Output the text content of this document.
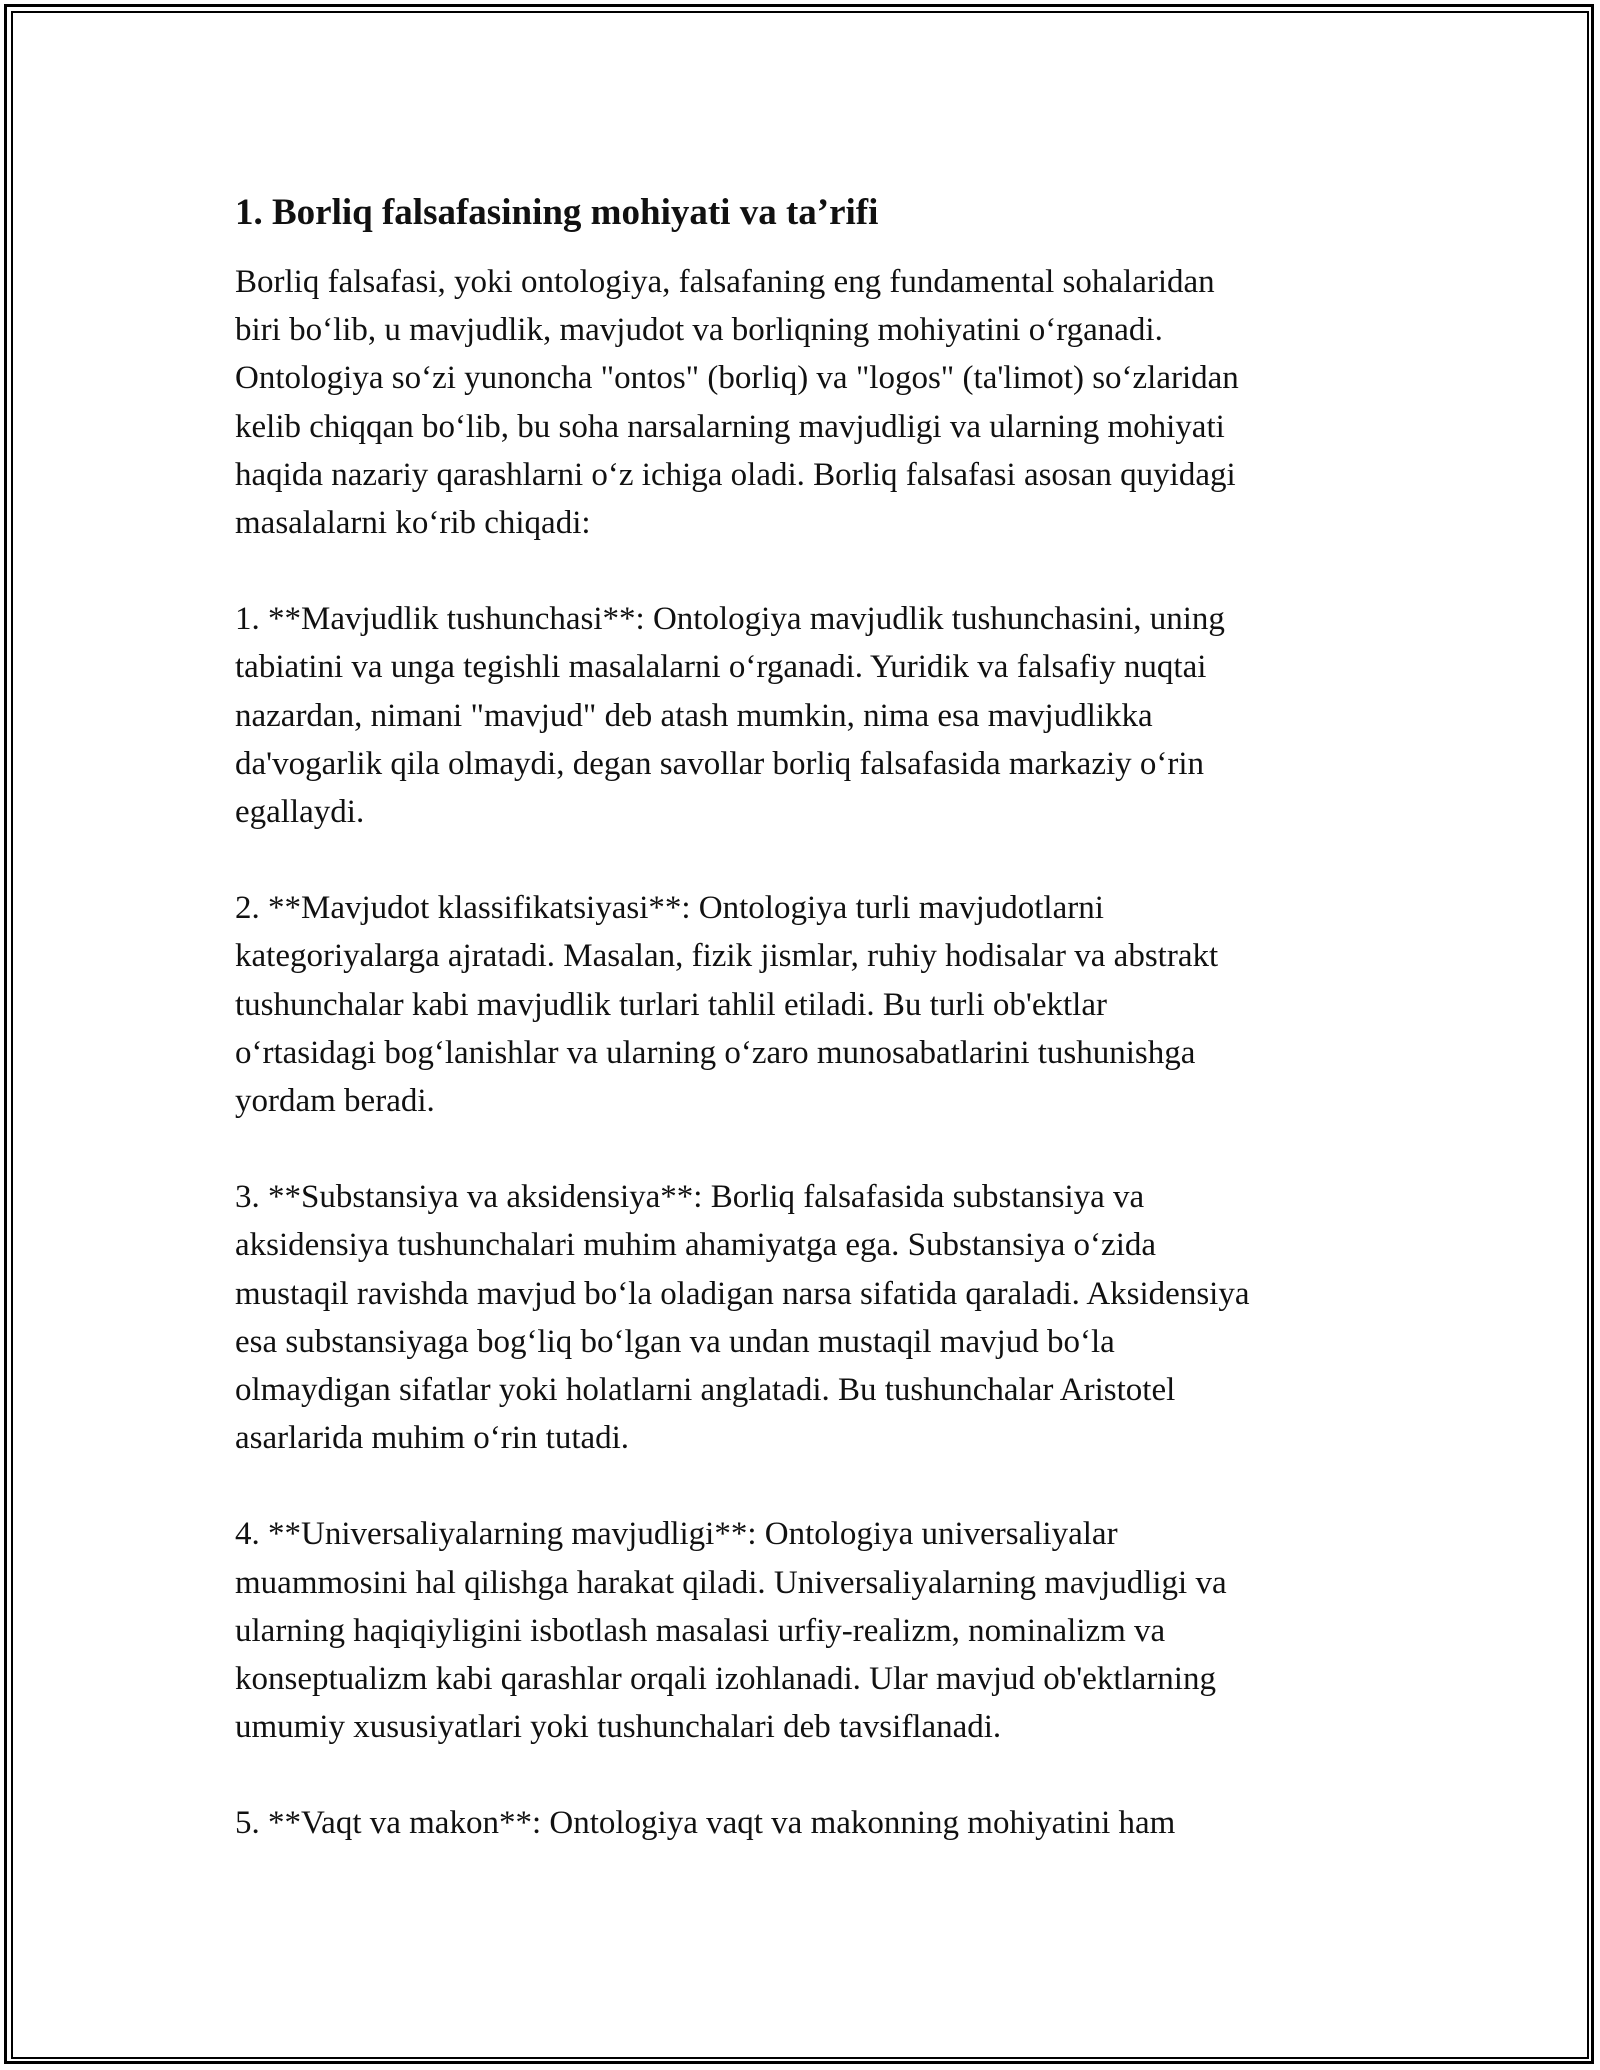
1. Borliq falsafasining mohiyati va ta’rifi

Borliq falsafasi, yoki ontologiya, falsafaning eng fundamental sohalaridan
biri bo‘lib, u mavjudlik, mavjudot va borliqning mohiyatini o‘rganadi.
Ontologiya so‘zi yunoncha "ontos" (borliq) va "logos" (ta'limot) so‘zlaridan
kelib chiqqan bo‘lib, bu soha narsalarning mavjudligi va ularning mohiyati
haqida nazariy qarashlarni o‘z ichiga oladi. Borliq falsafasi asosan quyidagi
masalalarni ko‘rib chiqadi:

1. **Mavjudlik tushunchasi**: Ontologiya mavjudlik tushunchasini, uning
tabiatini va unga tegishli masalalarni o‘rganadi. Yuridik va falsafiy nuqtai
nazardan, nimani "mavjud" deb atash mumkin, nima esa mavjudlikka
da'vogarlik qila olmaydi, degan savollar borliq falsafasida markaziy o‘rin
egallaydi.

2. **Mavjudot klassifikatsiyasi**: Ontologiya turli mavjudotlarni
kategoriyalarga ajratadi. Masalan, fizik jismlar, ruhiy hodisalar va abstrakt
tushunchalar kabi mavjudlik turlari tahlil etiladi. Bu turli ob'ektlar
o‘rtasidagi bog‘lanishlar va ularning o‘zaro munosabatlarini tushunishga
yordam beradi.

3. **Substansiya va aksidensiya**: Borliq falsafasida substansiya va
aksidensiya tushunchalari muhim ahamiyatga ega. Substansiya o‘zida
mustaqil ravishda mavjud bo‘la oladigan narsa sifatida qaraladi. Aksidensiya
esa substansiyaga bog‘liq bo‘lgan va undan mustaqil mavjud bo‘la
olmaydigan sifatlar yoki holatlarni anglatadi. Bu tushunchalar Aristotel
asarlarida muhim o‘rin tutadi.

4. **Universaliyalarning mavjudligi**: Ontologiya universaliyalar
muammosini hal qilishga harakat qiladi. Universaliyalarning mavjudligi va
ularning haqiqiyligini isbotlash masalasi urfiy-realizm, nominalizm va
konseptualizm kabi qarashlar orqali izohlanadi. Ular mavjud ob'ektlarning
umumiy xususiyatlari yoki tushunchalari deb tavsiflanadi.

5. **Vaqt va makon**: Ontologiya vaqt va makonning mohiyatini ham
